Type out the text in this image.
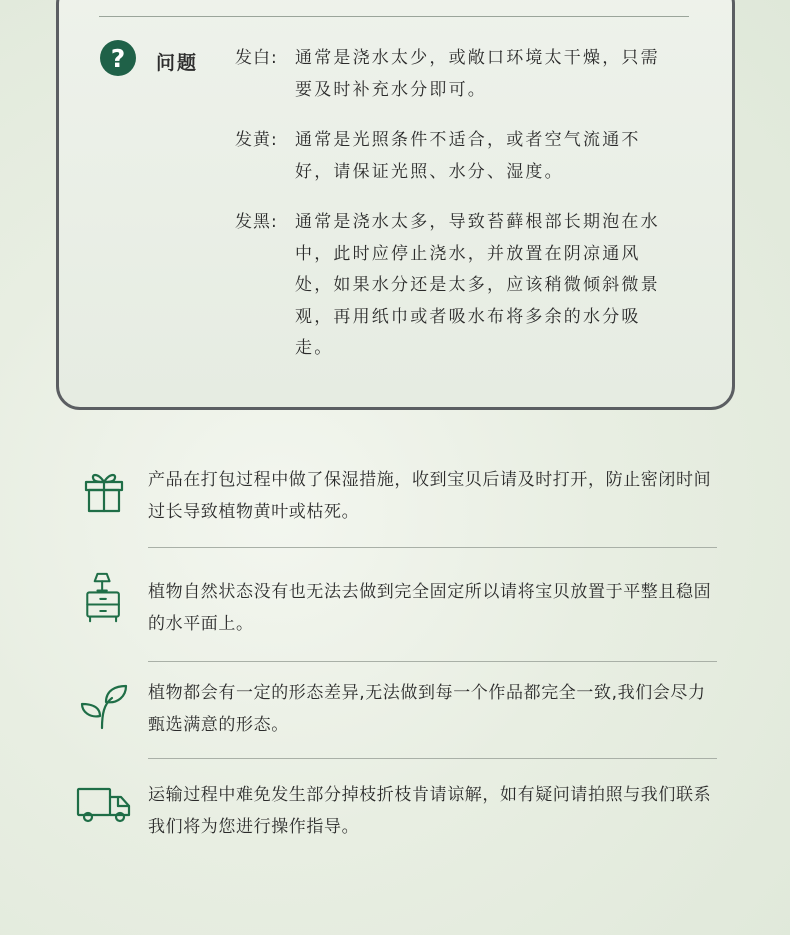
?	问题 发白:	通常是浇水太少，或敞口环境太干燥，只需要及时补充水分即可。
发黄:	通常是光照条件不适合，或者空气流通不好，请保证光照、水分、湿度。
发黑:	通常是浇水太多，导致苔藓根部长期泡在水中，此时应停止浇水，并放置在阴凉通风处，如果水分还是太多，应该稍微倾斜微景观，再用纸巾或者吸水布将多余的水分吸走。
产品在打包过程中做了保湿措施，收到宝贝后请及时打开，防止密闭时间过长导致植物黄叶或枯死。
植物自然状态没有也无法去做到完全固定所以请将宝贝放置于平整且稳固的水平面上。
植物都会有一定的形态差异,无法做到每一个作品都完全一致,我们会尽力甄选满意的形态。
运输过程中难免发生部分掉枝折枝肯请谅解，如有疑问请拍照与我们联系我们将为您进行操作指导。
